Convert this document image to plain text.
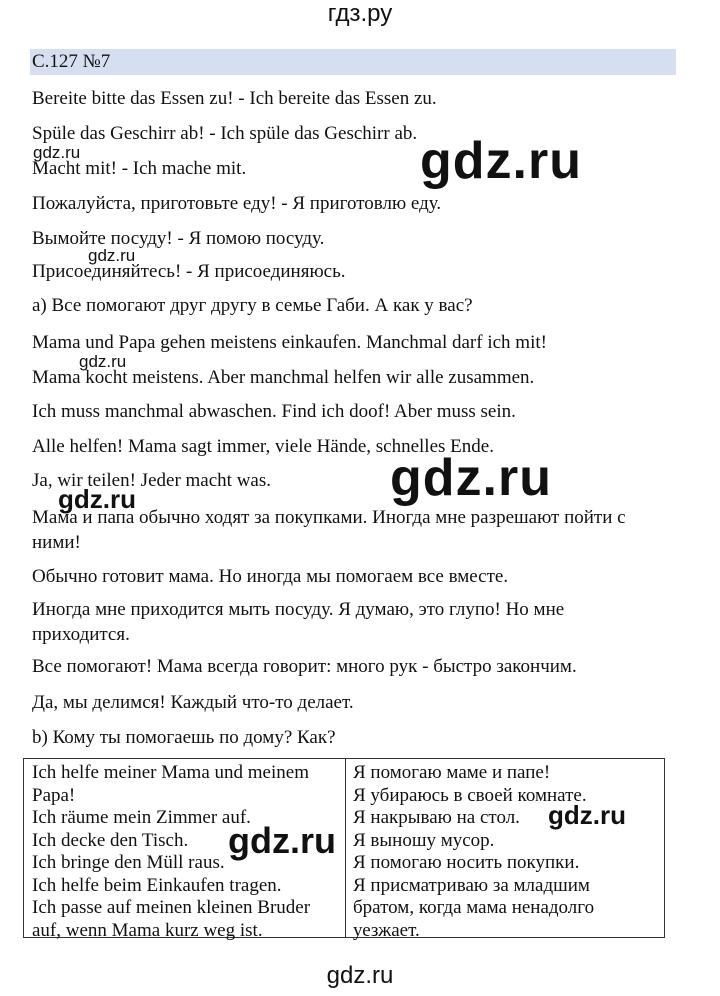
гдз.ру
С.127 №7
Bereite bitte das Essen zu! - Ich bereite das Essen zu.
Spüle das Geschirr ab! - Ich spüle das Geschirr ab.
Macht mit! - Ich mache mit.
Пожалуйста, приготовьте еду! - Я приготовлю еду.
Вымойте посуду! - Я помою посуду.
Присоединяйтесь! - Я присоединяюсь.
а) Все помогают друг другу в семье Габи. А как у вас?
Mama und Papa gehen meistens einkaufen. Manchmal darf ich mit!
Mama kocht meistens. Aber manchmal helfen wir alle zusammen.
Ich muss manchmal abwaschen. Find ich doof! Aber muss sein.
Alle helfen! Mama sagt immer, viele Hände, schnelles Ende.
Ja, wir teilen! Jeder macht was.
Мама и папа обычно ходят за покупками. Иногда мне разрешают пойти с
ними!
Обычно готовит мама. Но иногда мы помогаем все вместе.
Иногда мне приходится мыть посуду. Я думаю, это глупо! Но мне
приходится.
Все помогают! Мама всегда говорит: много рук - быстро закончим.
Да, мы делимся! Каждый что-то делает.
b) Кому ты помогаешь по дому? Как?
Ich helfe meiner Mama und meinem
Papa!
Ich räume mein Zimmer auf.
Ich decke den Tisch.
Ich bringe den Müll raus.
Ich helfe beim Einkaufen tragen.
Ich passe auf meinen kleinen Bruder
auf, wenn Mama kurz weg ist.
Я помогаю маме и папе!
Я убираюсь в своей комнате.
Я накрываю на стол.
Я выношу мусор.
Я помогаю носить покупки.
Я присматриваю за младшим
братом, когда мама ненадолго
уезжает.
gdz.ru	gdz.ru
gdz.ru
gdz.ru
gdz.ru
gdz.ru
gdz.ru
gdz.ru
gdz.ru
